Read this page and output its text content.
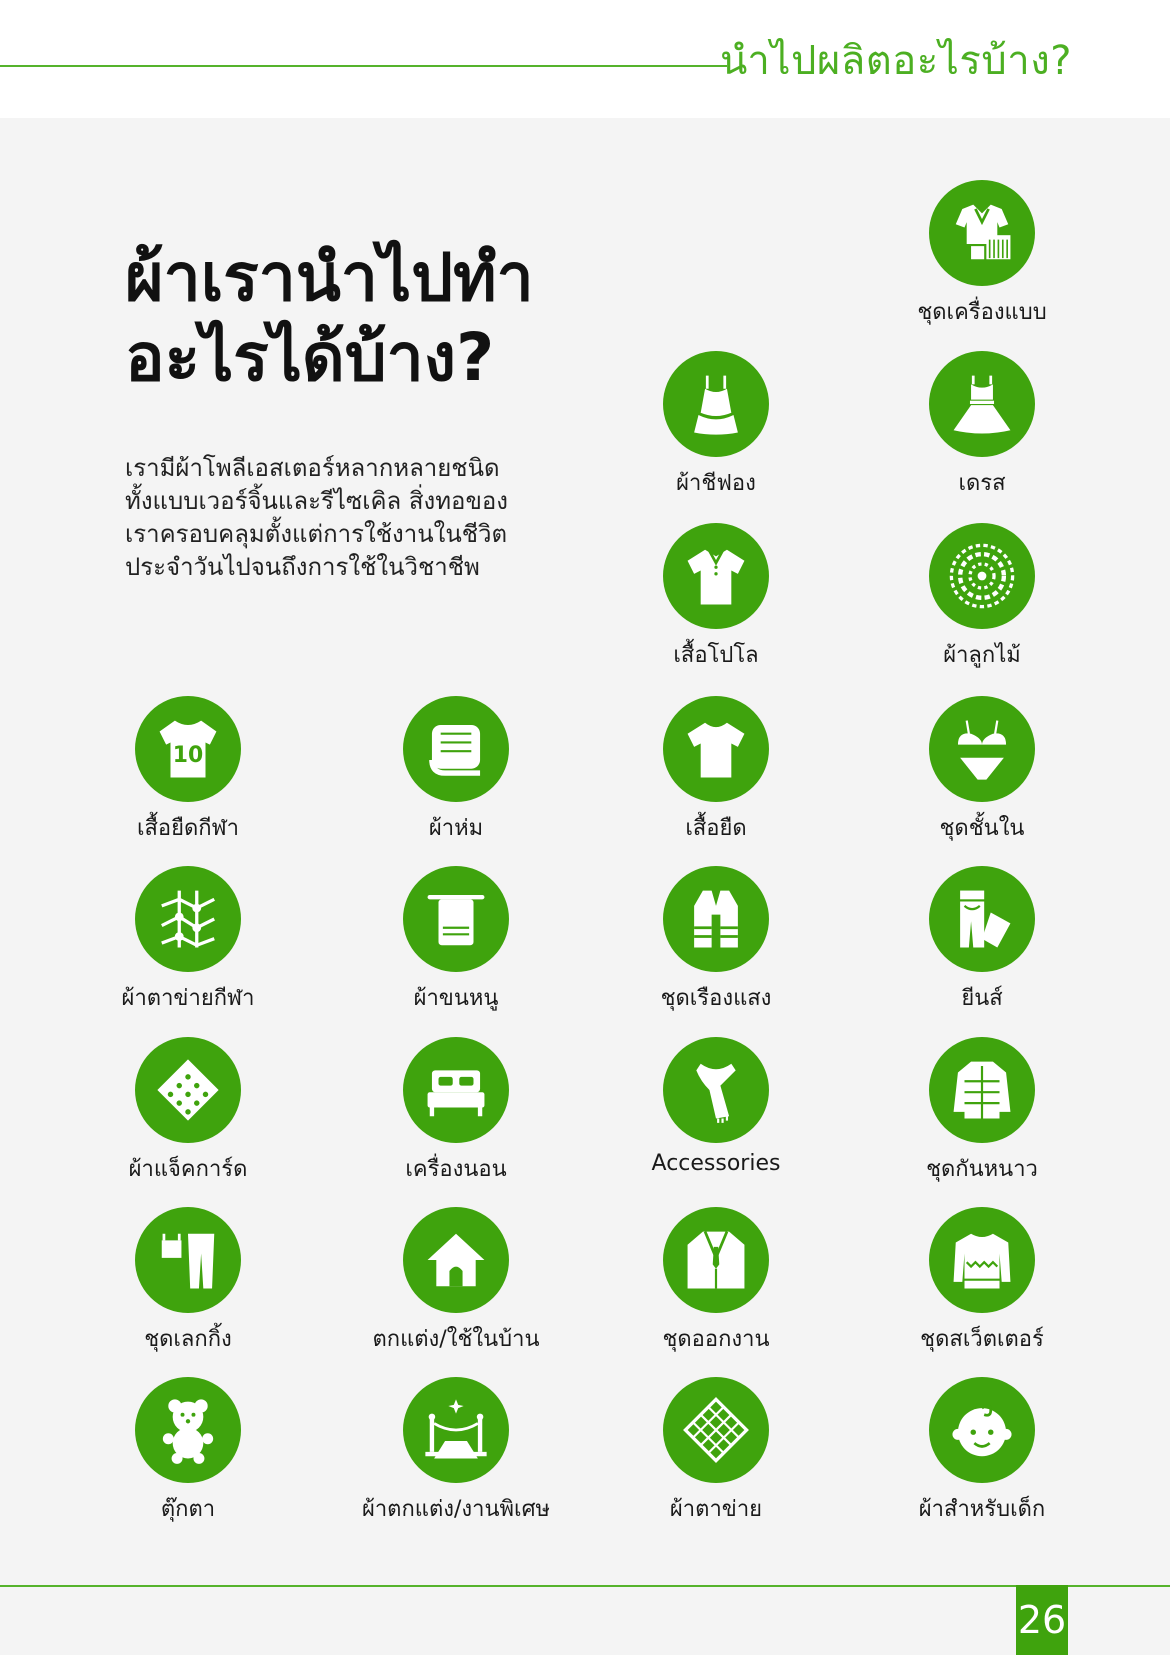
นำไปผลิตอะไรบ้าง?
ผ้าเรานำไปทำ
อะไรได้บ้าง?
เรามีผ้าโพลีเอสเตอร์หลากหลายชนิด
ทั้งแบบเวอร์จิ้นและรีไซเคิล สิ่งทอของ
เราครอบคลุมตั้งแต่การใช้งานในชีวิต
ประจำวันไปจนถึงการใช้ในวิชาชีพ
ชุดเครื่องแบบ
ผ้าชีฟอง	เดรส
เสื้อโปโล	ผ้าลูกไม้
10
เสื้อยืดกีฬา	ผ้าห่ม	เสื้อยืด	ชุดชั้นใน
ผ้าตาข่ายกีฬา	ผ้าขนหนู	ชุดเรืองแสง	ยีนส์
ผ้าแจ็คการ์ด	เครื่องนอน	Accessories	ชุดกันหนาว
ชุดเลกกิ้ง	ตกแต่ง/ใช้ในบ้าน	ชุดออกงาน	ชุดสเว็ตเตอร์
ตุ๊กตา	ผ้าตกแต่ง/งานพิเศษ	ผ้าตาข่าย	ผ้าสำหรับเด็ก
26
